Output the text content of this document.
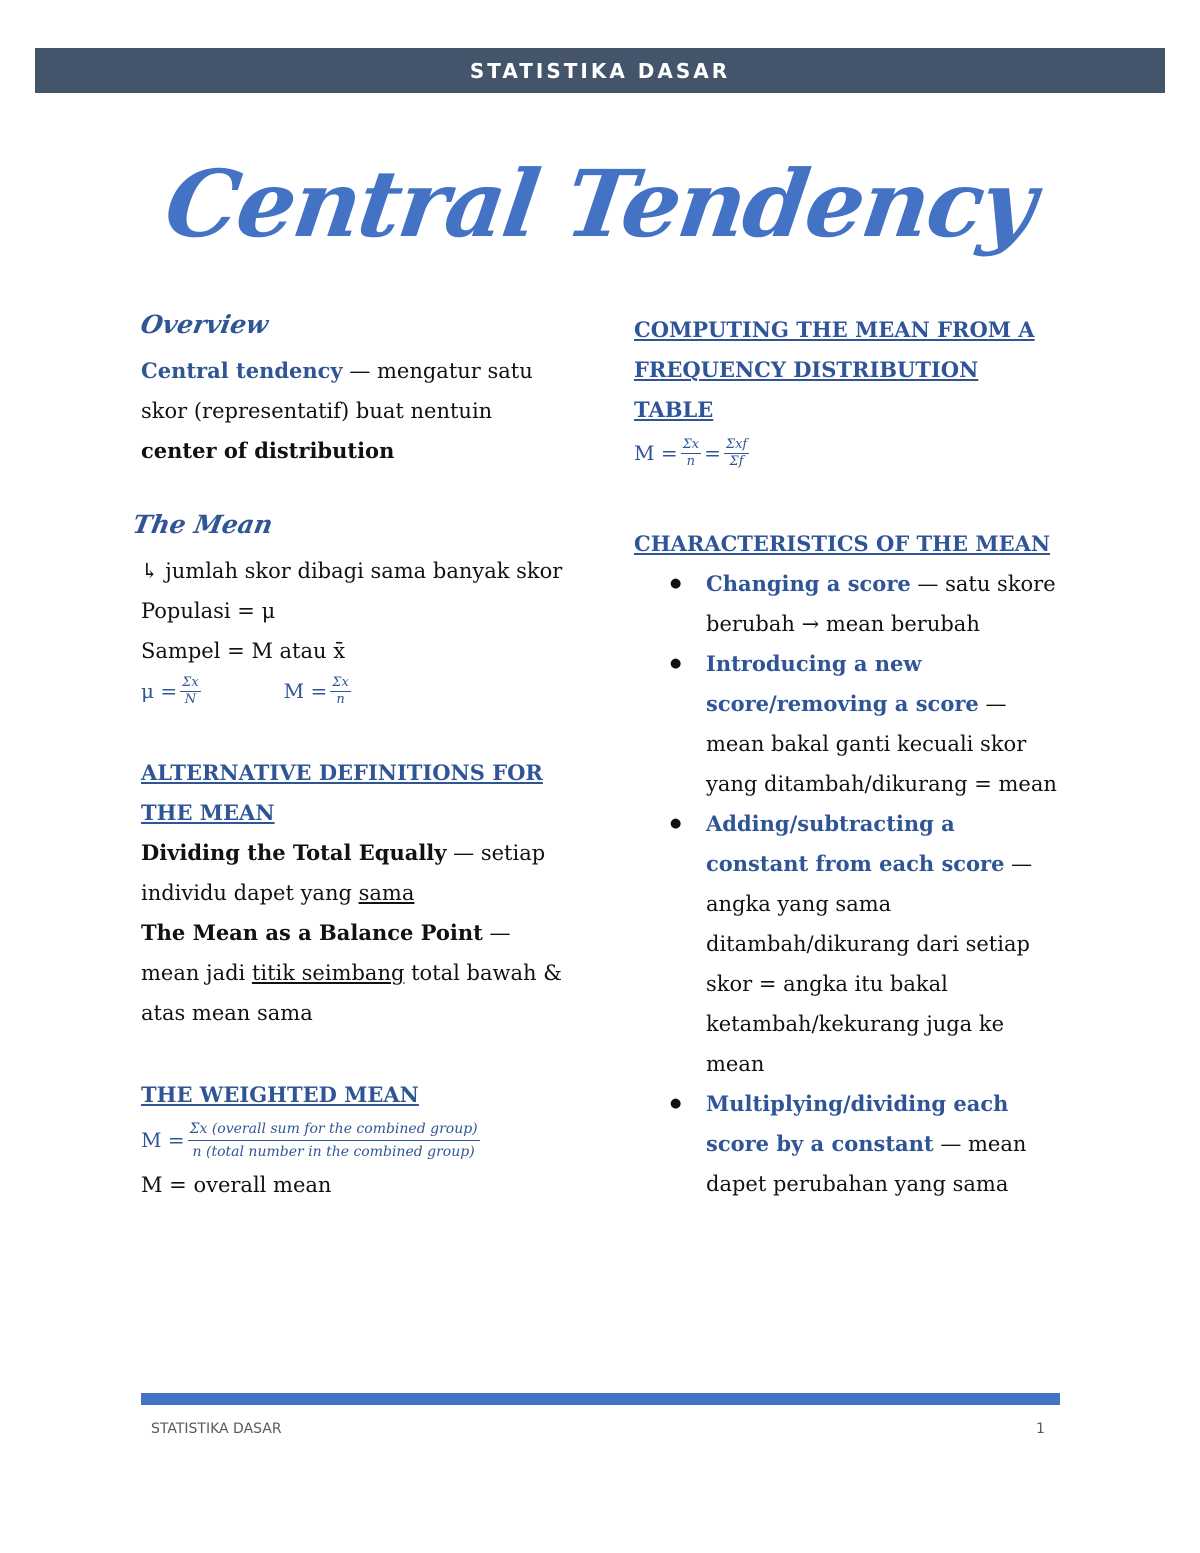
STATISTIKA DASAR
Central Tendency
Overview
Central tendency — mengatur satu skor (representatif) buat nentuin center of distribution
The Mean
↳ jumlah skor dibagi sama banyak skor
Populasi = μ
Sampel = M atau x̄
$\mu = \frac{\Sigma x}{N}$	$M = \frac{\Sigma x}{n}$
ALTERNATIVE DEFINITIONS FOR THE MEAN
Dividing the Total Equally — setiap individu dapet yang sama
The Mean as a Balance Point — mean jadi titik seimbang total bawah & atas mean sama
THE WEIGHTED MEAN
$M = \frac{\text{Σx (overall sum for the combined group)}}{\text{n (total number in the combined group)}}$
M = overall mean
COMPUTING THE MEAN FROM A FREQUENCY DISTRIBUTION TABLE
$M = \frac{\Sigma x}{n} = \frac{\text{Σxf}}{\Sigma f}$
CHARACTERISTICS OF THE MEAN
● Changing a score — satu skore berubah → mean berubah
● Introducing a new score/removing a score — mean bakal ganti kecuali skor yang ditambah/dikurang = mean
● Adding/subtracting a constant from each score — angka yang sama ditambah/dikurang dari setiap skor = angka itu bakal ketambah/kekurang juga ke mean
● Multiplying/dividing each score by a constant — mean dapet perubahan yang sama
STATISTIKA DASAR	1
